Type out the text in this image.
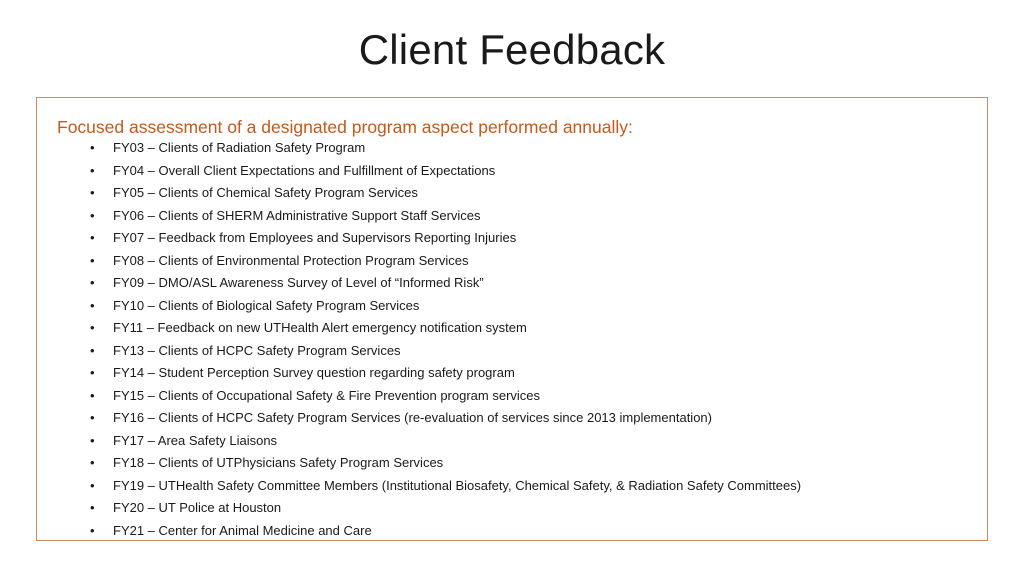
Client Feedback
Focused assessment of a designated program aspect performed annually:
• FY03 – Clients of Radiation Safety Program
• FY04 – Overall Client Expectations and Fulfillment of Expectations
• FY05 – Clients of Chemical Safety Program Services
• FY06 – Clients of SHERM Administrative Support Staff Services
• FY07 – Feedback from Employees and Supervisors Reporting Injuries
• FY08 – Clients of Environmental Protection Program Services
• FY09 – DMO/ASL Awareness Survey of Level of “Informed Risk”
• FY10 – Clients of Biological Safety Program Services
• FY11 – Feedback on new UTHealth Alert emergency notification system
• FY13 – Clients of HCPC Safety Program Services
• FY14 – Student Perception Survey question regarding safety program
• FY15 – Clients of Occupational Safety & Fire Prevention program services
• FY16 – Clients of HCPC Safety Program Services (re-evaluation of services since 2013 implementation)
• FY17 – Area Safety Liaisons
• FY18 – Clients of UTPhysicians Safety Program Services
• FY19 – UTHealth Safety Committee Members (Institutional Biosafety, Chemical Safety, & Radiation Safety Committees)
• FY20 – UT Police at Houston
• FY21 – Center for Animal Medicine and Care
